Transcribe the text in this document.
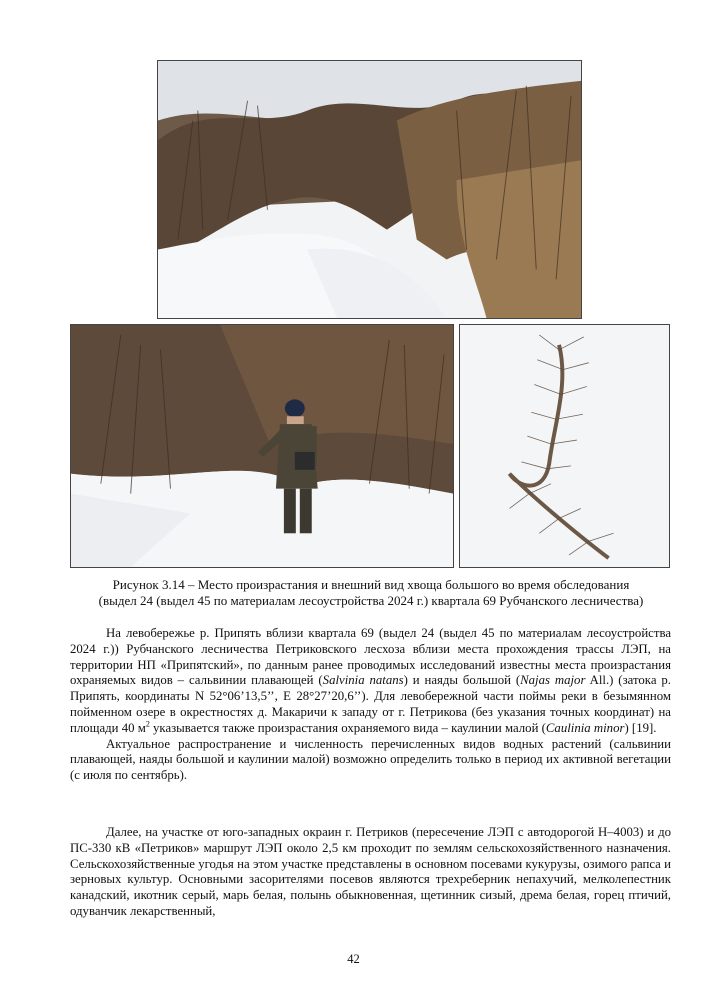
Рисунок 3.14 – Место произрастания и внешний вид хвоща большого во время обследования
(выдел 24 (выдел 45 по материалам лесоустройства 2024 г.) квартала 69 Рубчанского лесничества)

На левобережье р. Припять вблизи квартала 69 (выдел 24 (выдел 45 по материалам лесоустройства 2024 г.)) Рубчанского лесничества Петриковского лесхоза вблизи места прохождения трассы ЛЭП, на территории НП «Припятский», по данным ранее проводимых исследований известны места произрастания охраняемых видов – сальвинии плавающей (Salvinia natans) и наяды большой (Najas major All.) (затока р. Припять, координаты N 52°06’13,5’’, E 28°27’20,6’’). Для левобережной части поймы реки в безымянном пойменном озере в окрестностях д. Макаричи к западу от г. Петрикова (без указания точных координат) на площади 40 $м^2$ указывается также произрастания охраняемого вида – каулинии малой (Caulinia minor) [19].

Актуальное распространение и численность перечисленных видов водных растений (сальвинии плавающей, наяды большой и каулинии малой) возможно определить только в период их активной вегетации (с июля по сентябрь).

Далее, на участке от юго-западных окраин г. Петриков (пересечение ЛЭП с автодорогой Н–4003) и до ПС-330 кВ «Петриков» маршрут ЛЭП около 2,5 км проходит по землям сельскохозяйственного назначения. Сельскохозяйственные угодья на этом участке представлены в основном посевами кукурузы, озимого рапса и зерновых культур. Основными засорителями посевов являются трехреберник непахучий, мелколепестник канадский, икотник серый, марь белая, полынь обыкновенная, щетинник сизый, дрема белая, горец птичий, одуванчик лекарственный,

42
